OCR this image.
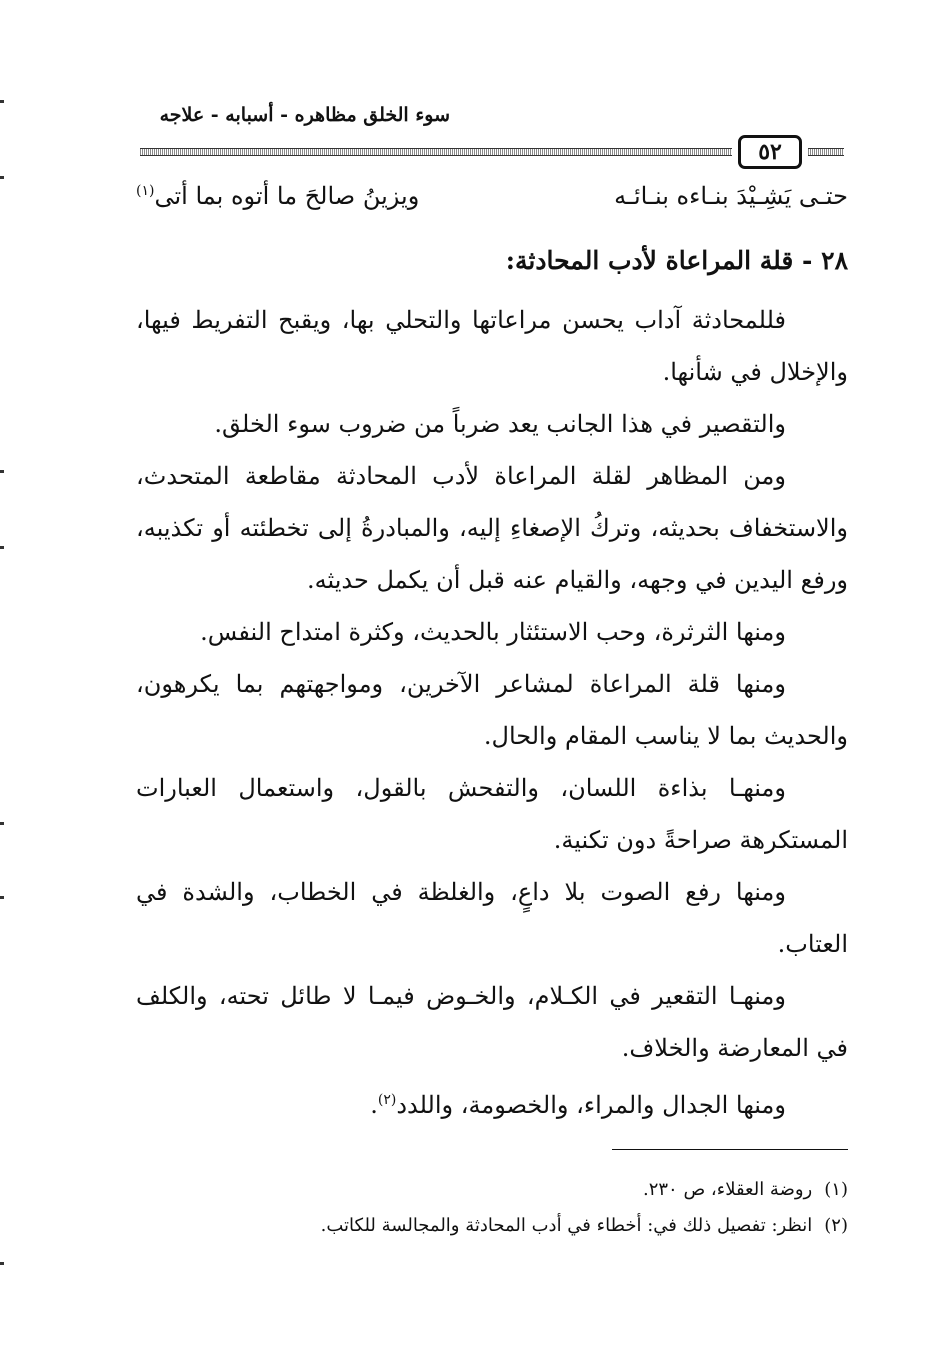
سوء الخلق مظاهره - أسبابه - علاجه
٥٢
حتـى يَشِـيْدَ بنـاءه بنـائـه
ويزينُ صالحَ ما أتوه بما أتى$^{(١)}$
٢٨ - قلة المراعاة لأدب المحادثة:

فللمحادثة آداب يحسن مراعاتها والتحلي بها، ويقبح التفريط فيها، والإخلال في شأنها.

والتقصير في هذا الجانب يعد ضرباً من ضروب سوء الخلق.

ومن المظاهر لقلة المراعاة لأدب المحادثة مقاطعة المتحدث، والاستخفاف بحديثه، وتركُ الإصغاءِ إليه، والمبادرةُ إلى تخطئته أو تكذيبه، ورفع اليدين في وجهه، والقيام عنه قبل أن يكمل حديثه.

ومنها الثرثرة، وحب الاستئثار بالحديث، وكثرة امتداح النفس.

ومنها قلة المراعاة لمشاعر الآخرين، ومواجهتهم بما يكرهون، والحديث بما لا يناسب المقام والحال.

ومنهـا بذاءة اللسان، والتفحش بالقول، واستعمال العبارات المستكرهة صراحةً دون تكنية.

ومنها رفع الصوت بلا داعٍ، والغلظة في الخطاب، والشدة في العتاب.

ومنهـا التقعير في الكـلام، والخـوض فيمـا لا طائل تحته، والكلف في المعارضة والخلاف.

ومنها الجدال والمراء، والخصومة، واللدد$^{(٢)}$.

(١)
روضة العقلاء، ص ٢٣٠.
(٢)
انظر: تفصيل ذلك في: أخطاء في أدب المحادثة والمجالسة للكاتب.
